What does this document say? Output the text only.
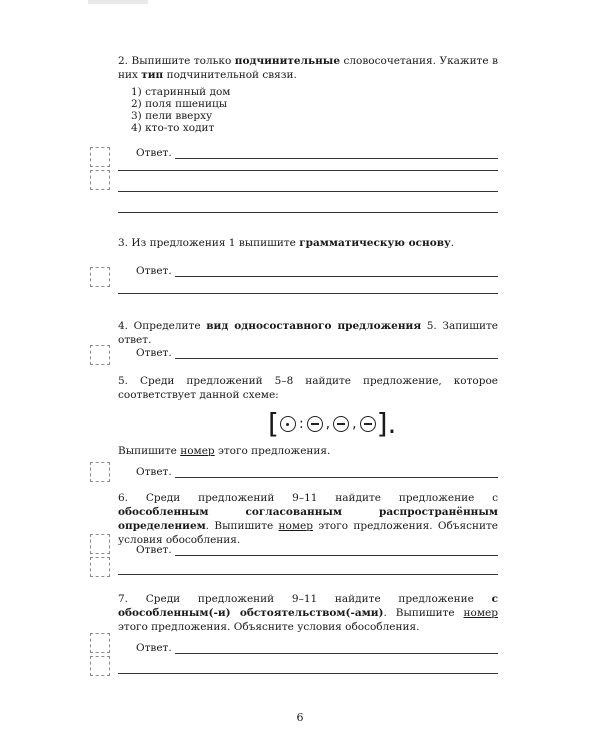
2. Выпишите только подчинительные словосочетания. Укажите в них тип подчинительной связи.

1) старинный дом
2) поля пшеницы
3) пели вверху
4) кто-то ходит
Ответ.

3. Из предложения 1 выпишите грамматическую основу.

Ответ.

4. Определите вид односоставного предложения 5. Запишите ответ.

Ответ.

5. Среди предложений 5–8 найдите предложение, которое соответствует данной схеме:

[ : , , ].

Выпишите номер этого предложения.

Ответ.

6. Среди предложений 9–11 найдите предложение с обособленным согласованным распространённым определением. Выпишите номер этого предложения. Объясните условия обособления.

Ответ.

7. Среди предложений 9–11 найдите предложение с обособленным(-и) обстоятельством(-ами). Выпишите номер этого предложения. Объясните условия обособления.

Ответ.
6
